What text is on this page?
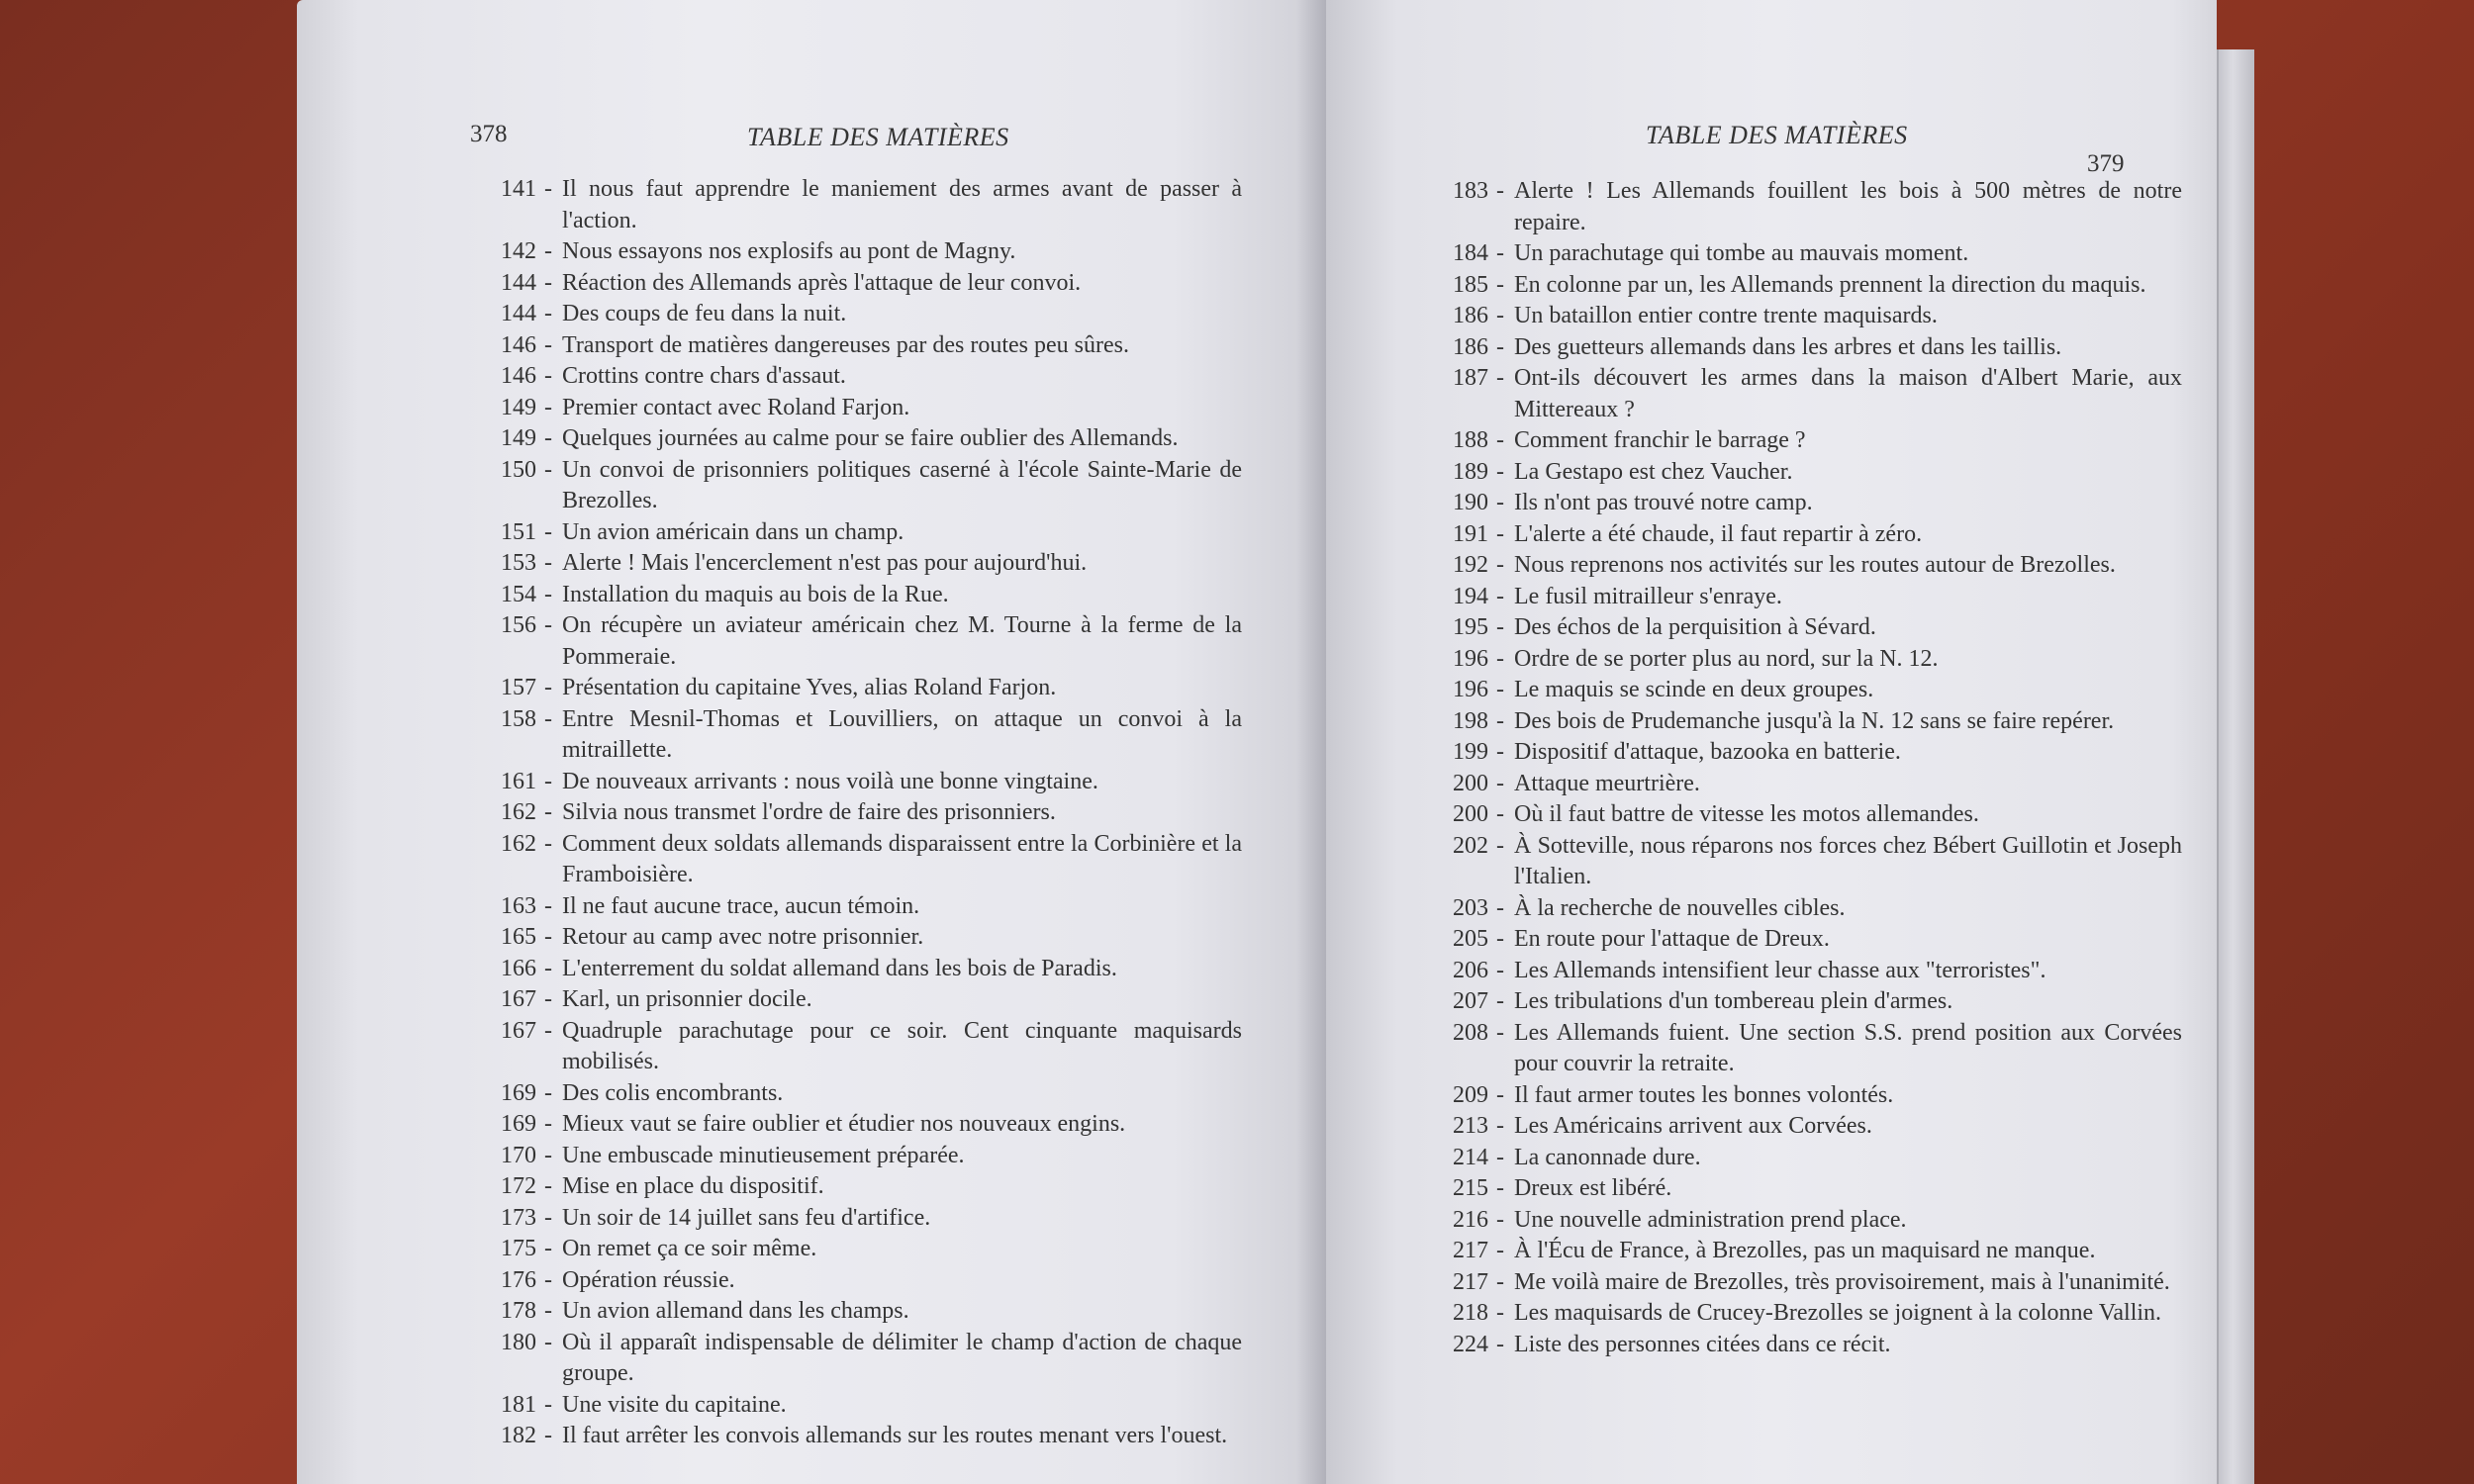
378	TABLE DES MATIÈRES
141 - Il nous faut apprendre le maniement des armes avant de passer à l'action.
142 - Nous essayons nos explosifs au pont de Magny.
144 - Réaction des Allemands après l'attaque de leur convoi.
144 - Des coups de feu dans la nuit.
146 - Transport de matières dangereuses par des routes peu sûres.
146 - Crottins contre chars d'assaut.
149 - Premier contact avec Roland Farjon.
149 - Quelques journées au calme pour se faire oublier des Allemands.
150 - Un convoi de prisonniers politiques caserné à l'école Sainte-Marie de Brezolles.
151 - Un avion américain dans un champ.
153 - Alerte ! Mais l'encerclement n'est pas pour aujourd'hui.
154 - Installation du maquis au bois de la Rue.
156 - On récupère un aviateur américain chez M. Tourne à la ferme de la Pommeraie.
157 - Présentation du capitaine Yves, alias Roland Farjon.
158 - Entre Mesnil-Thomas et Louvilliers, on attaque un convoi à la mitraillette.
161 - De nouveaux arrivants : nous voilà une bonne vingtaine.
162 - Silvia nous transmet l'ordre de faire des prisonniers.
162 - Comment deux soldats allemands disparaissent entre la Corbinière et la Framboisière.
163 - Il ne faut aucune trace, aucun témoin.
165 - Retour au camp avec notre prisonnier.
166 - L'enterrement du soldat allemand dans les bois de Paradis.
167 - Karl, un prisonnier docile.
167 - Quadruple parachutage pour ce soir. Cent cinquante maquisards mobilisés.
169 - Des colis encombrants.
169 - Mieux vaut se faire oublier et étudier nos nouveaux engins.
170 - Une embuscade minutieusement préparée.
172 - Mise en place du dispositif.
173 - Un soir de 14 juillet sans feu d'artifice.
175 - On remet ça ce soir même.
176 - Opération réussie.
178 - Un avion allemand dans les champs.
180 - Où il apparaît indispensable de délimiter le champ d'action de chaque groupe.
181 - Une visite du capitaine.
182 - Il faut arrêter les convois allemands sur les routes menant vers l'ouest.
TABLE DES MATIÈRES
379
183 - Alerte ! Les Allemands fouillent les bois à 500 mètres de notre repaire.
184 - Un parachutage qui tombe au mauvais moment.
185 - En colonne par un, les Allemands prennent la direction du maquis.
186 - Un bataillon entier contre trente maquisards.
186 - Des guetteurs allemands dans les arbres et dans les taillis.
187 - Ont-ils découvert les armes dans la maison d'Albert Marie, aux Mittereaux ?
188 - Comment franchir le barrage ?
189 - La Gestapo est chez Vaucher.
190 - Ils n'ont pas trouvé notre camp.
191 - L'alerte a été chaude, il faut repartir à zéro.
192 - Nous reprenons nos activités sur les routes autour de Brezolles.
194 - Le fusil mitrailleur s'enraye.
195 - Des échos de la perquisition à Sévard.
196 - Ordre de se porter plus au nord, sur la N. 12.
196 - Le maquis se scinde en deux groupes.
198 - Des bois de Prudemanche jusqu'à la N. 12 sans se faire repérer.
199 - Dispositif d'attaque, bazooka en batterie.
200 - Attaque meurtrière.
200 - Où il faut battre de vitesse les motos allemandes.
202 - À Sotteville, nous réparons nos forces chez Bébert Guillotin et Joseph l'Italien.
203 - À la recherche de nouvelles cibles.
205 - En route pour l'attaque de Dreux.
206 - Les Allemands intensifient leur chasse aux "terroristes".
207 - Les tribulations d'un tombereau plein d'armes.
208 - Les Allemands fuient. Une section S.S. prend position aux Corvées pour couvrir la retraite.
209 - Il faut armer toutes les bonnes volontés.
213 - Les Américains arrivent aux Corvées.
214 - La canonnade dure.
215 - Dreux est libéré.
216 - Une nouvelle administration prend place.
217 - À l'Écu de France, à Brezolles, pas un maquisard ne manque.
217 - Me voilà maire de Brezolles, très provisoirement, mais à l'unanimité.
218 - Les maquisards de Crucey-Brezolles se joignent à la colonne Vallin.
224 - Liste des personnes citées dans ce récit.
